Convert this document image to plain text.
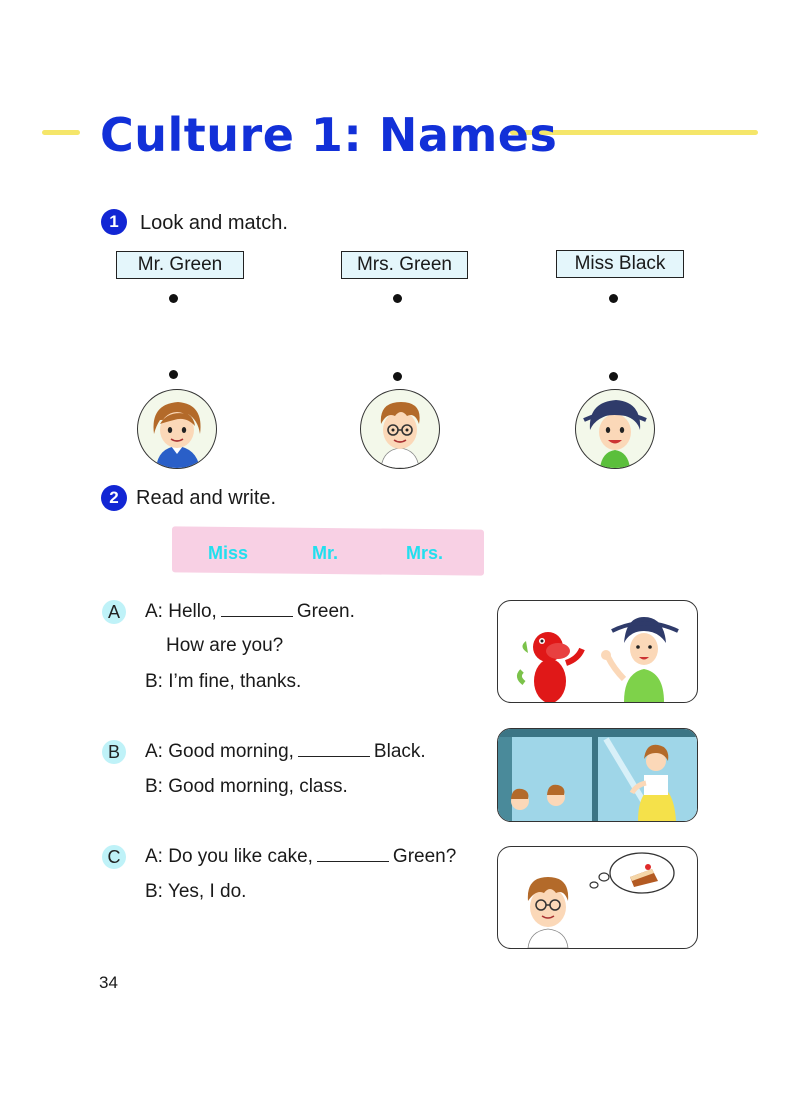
Culture 1: Names
1	Look and match.
Mr. Green	Mrs. Green	Miss Black
2 Read and write.
Miss	Mr.	Mrs.
A	A: Hello,	Green.
How are you?
B: I’m fine, thanks.
B	A: Good morning,	Black.
B: Good morning, class.
C A: Do you like cake,	Green?
B: Yes, I do.
34
